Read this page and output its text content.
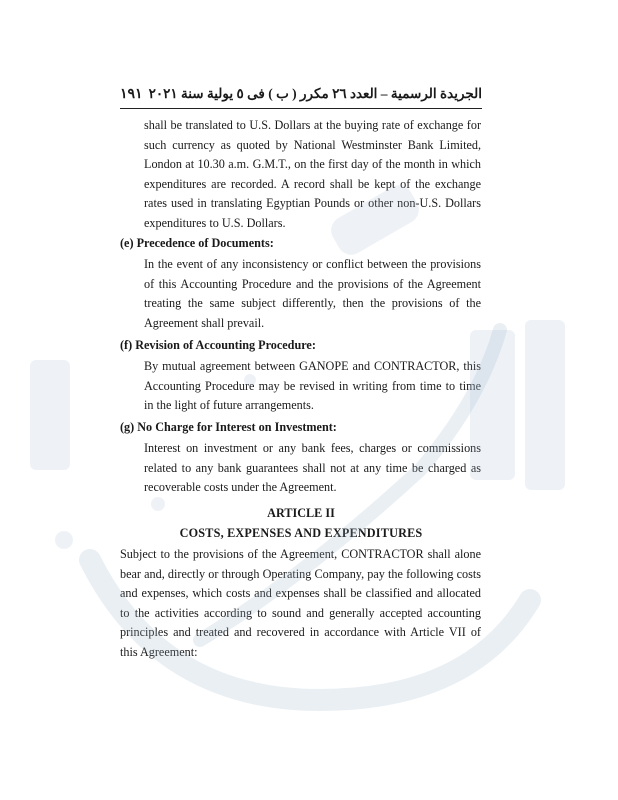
الجريدة الرسمية – العدد ٢٦ مكرر ( ب ) فى ٥ يولية سنة ٢٠٢١
١٩١
shall be translated to U.S. Dollars at the buying rate of exchange for such currency as quoted by National Westminster Bank Limited, London at 10.30 a.m. G.M.T., on the first day of the month in which expenditures are recorded. A record shall be kept of the exchange rates used in translating Egyptian Pounds or other non-U.S. Dollars expenditures to U.S. Dollars.
(e) Precedence of Documents:
In the event of any inconsistency or conflict between the provisions of this Accounting Procedure and the provisions of the Agreement treating the same subject differently, then the provisions of the Agreement shall prevail.
(f) Revision of Accounting Procedure:
By mutual agreement between GANOPE and CONTRACTOR, this Accounting Procedure may be revised in writing from time to time in the light of future arrangements.
(g) No Charge for Interest on Investment:
Interest on investment or any bank fees, charges or commissions related to any bank guarantees shall not at any time be charged as recoverable costs under the Agreement.
ARTICLE II
COSTS, EXPENSES AND EXPENDITURES
Subject to the provisions of the Agreement, CONTRACTOR shall alone bear and, directly or through Operating Company, pay the following costs and expenses, which costs and expenses shall be classified and allocated to the activities according to sound and generally accepted accounting principles and treated and recovered in accordance with Article VII of this Agreement:
